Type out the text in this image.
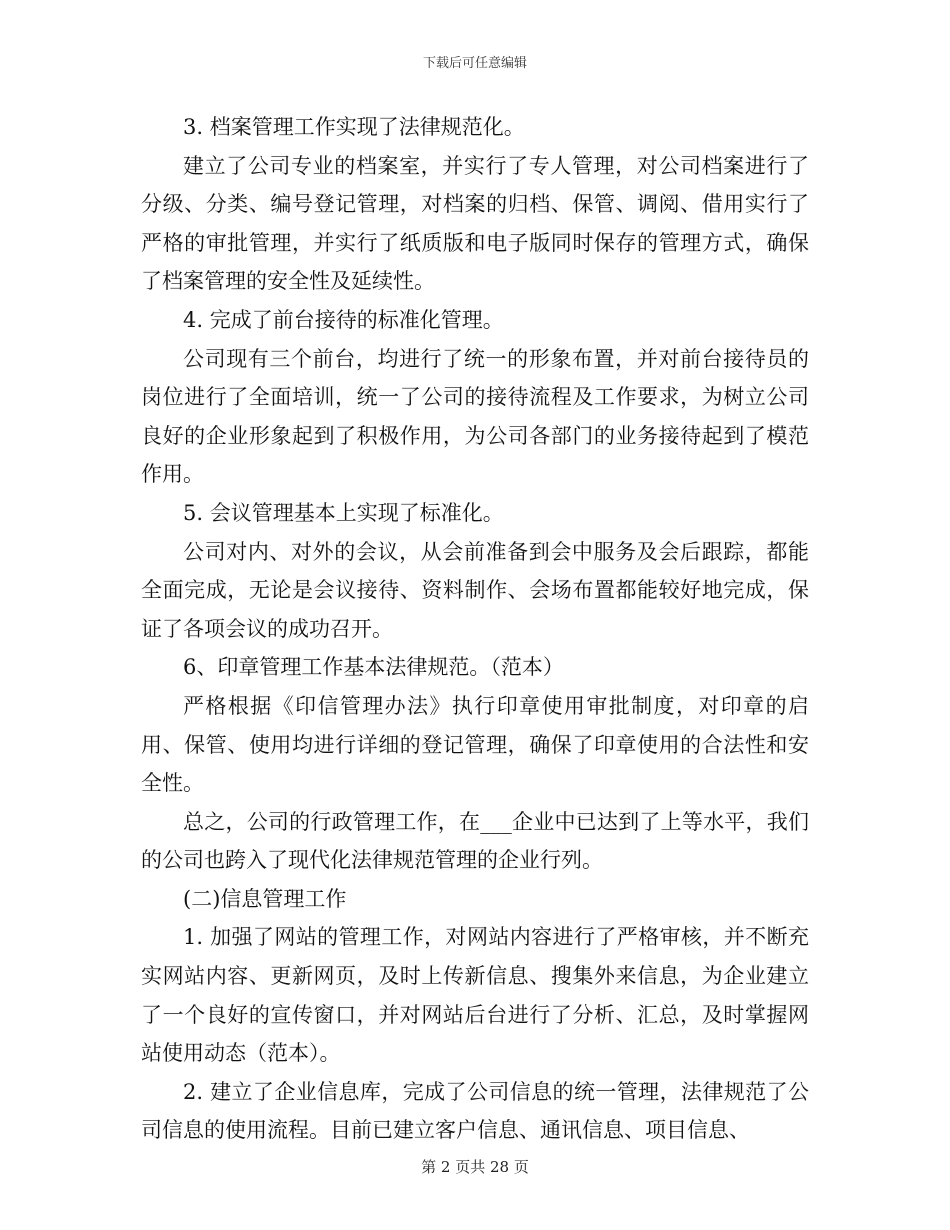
下载后可任意编辑

3. 档案管理工作实现了法律规范化。

建立了公司专业的档案室，并实行了专人管理，对公司档案进行了分级、分类、编号登记管理，对档案的归档、保管、调阅、借用实行了严格的审批管理，并实行了纸质版和电子版同时保存的管理方式，确保了档案管理的安全性及延续性。

4. 完成了前台接待的标准化管理。

公司现有三个前台，均进行了统一的形象布置，并对前台接待员的岗位进行了全面培训，统一了公司的接待流程及工作要求，为树立公司良好的企业形象起到了积极作用，为公司各部门的业务接待起到了模范作用。

5. 会议管理基本上实现了标准化。

公司对内、对外的会议，从会前准备到会中服务及会后跟踪，都能全面完成，无论是会议接待、资料制作、会场布置都能较好地完成，保证了各项会议的成功召开。

6、印章管理工作基本法律规范。（范本）

严格根据《印信管理办法》执行印章使用审批制度，对印章的启用、保管、使用均进行详细的登记管理，确保了印章使用的合法性和安全性。

总之，公司的行政管理工作，在___企业中已达到了上等水平，我们的公司也跨入了现代化法律规范管理的企业行列。

(二)信息管理工作

1. 加强了网站的管理工作，对网站内容进行了严格审核，并不断充实网站内容、更新网页，及时上传新信息、搜集外来信息，为企业建立了一个良好的宣传窗口，并对网站后台进行了分析、汇总，及时掌握网站使用动态（范本）。

2. 建立了企业信息库，完成了公司信息的统一管理，法律规范了公司信息的使用流程。目前已建立客户信息、通讯信息、项目信息、

第 2 页共 28 页
